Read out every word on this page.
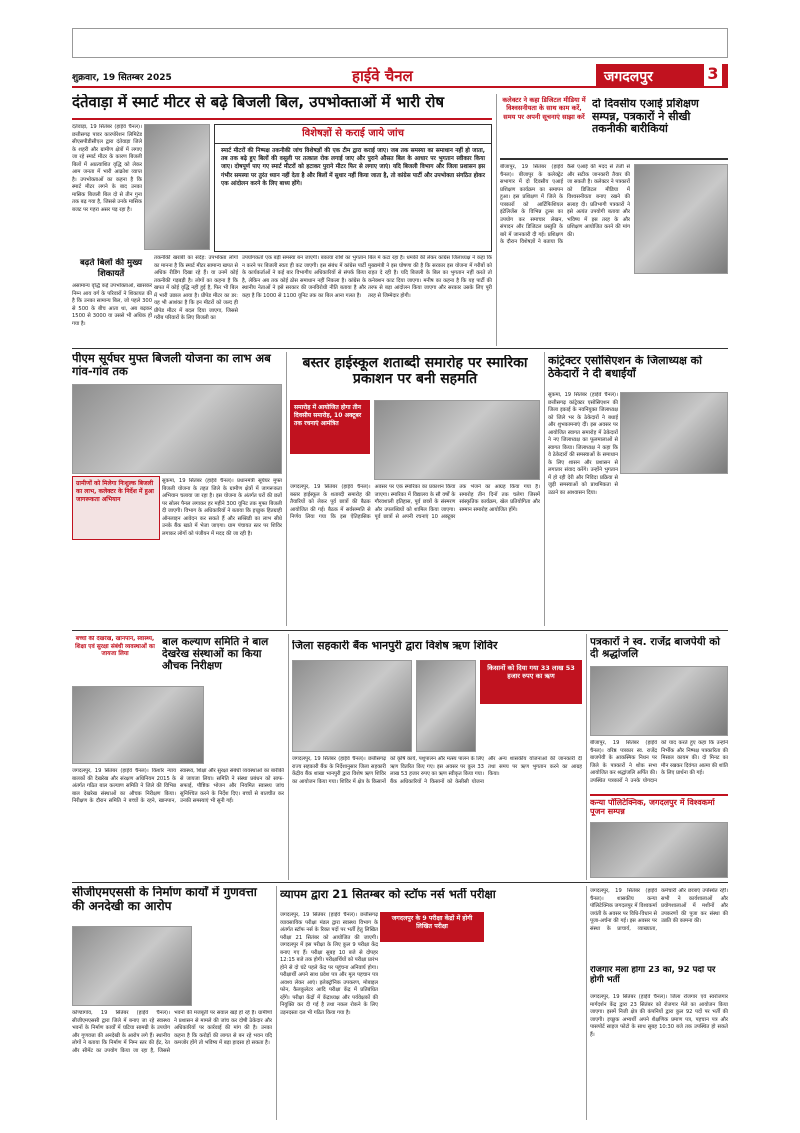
शुक्रवार, 19 सितम्बर 2025	हाईवे चैनल	जगदलपुर	3
दंतेवाड़ा में स्मार्ट मीटर से बढ़े बिजली बिल, उपभोक्ताओं में भारी रोष
दंतेवाड़ा, 19 सितंबर (हाईवे चैनल)। छत्तीसगढ़ पावर कारपोरेशन लिमिटेड सीएसपीडीसीएल द्वारा दंतेवाड़ा जिले के शहरी और ग्रामीण क्षेत्रों में लगाए जा रहे स्मार्ट मीटर के कारण बिजली बिलों में अप्रत्याशित वृद्धि को लेकर आम जनता में भारी आक्रोश व्याप्त है। उपभोक्ताओं का कहना है कि स्मार्ट मीटर लगने के बाद उनका मासिक बिजली बिल दो से तीन गुना तक बढ़ गया है, जिससे उनके मासिक बजट पर गहरा असर पड़ रहा है।
बढ़ते बिलों की मुख्य शिकायतें
असामान्य वृद्धि कई उपभोक्ताओं, खासकर निम्न आय वर्ग के परिवारों ने शिकायत की है कि उनका सामान्य बिल, जो पहले 300 से 500 के बीच आता था, अब बढ़कर 1500 से 3000 या उससे भी अधिक हो गया है।
विशेषज्ञों से कराई जाये जांच
स्मार्ट मीटरों की निष्पक्ष तकनीकी जांच विशेषज्ञों की एक टीम द्वारा कराई जाए। जब तक समस्या का समाधान नहीं हो जाता, तब तक बढ़े हुए बिलों की वसूली पर तत्काल रोक लगाई जाए और पुराने औसत बिल के आधार पर भुगतान स्वीकार किया जाए। दोषपूर्ण पाए गए स्मार्ट मीटरों को हटाकर पुराने मीटर फिर से लगाए जाएं। यदि बिजली विभाग और जिला प्रशासन इस गंभीर समस्या पर तुरंत ध्यान नहीं देता है और बिलों में सुधार नहीं किया जाता है, तो कांग्रेस पार्टी और उपभोक्ता संगठित होकर एक आंदोलन करने के लिए बाध्य होंगे।
तकनीकी खराबी का संदेह: उपभोक्ता लोगों का मानना है कि स्मार्ट मीटर सामान्य खपत से अधिक रीडिंग दिखा रहे हैं। या उनमें कोई तकनीकी गड़बड़ी है। लोगों का कहना है कि खपत में कोई वृद्धि नहीं हुई है, फिर भी बिल में भारी उछाल आया है। प्रीपेड मीटर का डर: यह भी आशंका है कि इन मीटरों को जल्द ही प्रीपेड मीटर में बदल दिया जाएगा, जिससे गरीब परिवारों के लिए बिजली का
उपयोगकर्ता एक बड़ी समस्या बन जाएगी। बकाया राशि का भुगतान न करने पर बिजली स्वतः ही कट जाएगी। इस संबंध में कांग्रेस पार्टी के कार्यकर्ताओं ने कई बार विभागीय अधिकारियों से संपर्क किया है, लेकिन अब तक कोई ठोस समाधान नहीं निकला है। कांग्रेस के स्थानीय नेताओं ने इसे सरकार की जनविरोधी नीति बताया है और कहा है कि 1000 से 1100 यूनिट तक का बिल आना गलत है।
बिल में कटा रहा है। धमकी की लेकर कांग्रेस जिलाध्यक्ष ने कहा कि मुख्यमंत्री ने इस घोषणा की है कि सरकार इस योजना में गरीबों को राहत दे रही है। यदि बिजली के बिल का भुगतान नहीं करते तो कनेक्शन काट दिया जाएगा। मनीष का कहना है कि यह पार्टी की तरफ से बड़ा आंदोलन किया जाएगा और सरकार उसके लिए पूरी तरह से जिम्मेदार होगी।
कलेक्टर ने कहा डिजिटल मीडिया में विश्वसनीयता के साथ काम करें, समय पर अपनी सूचनाएं साझा करें
दो दिवसीय एआई प्रशिक्षण सम्पन्न, पत्रकारों ने सीखी तकनीकी बारीकियां
बीजापुर, 19 सितंबर (हाईवे चैनल)। बीजापुर के कलेक्ट्रेट सभागार में दो दिवसीय एआई प्रशिक्षण कार्यक्रम का समापन हुआ। इस प्रशिक्षण में जिले के पत्रकारों को आर्टिफिशियल इंटेलिजेंस के विभिन्न टूल्स का उपयोग कर समाचार लेखन, संपादन और डिजिटल प्रस्तुति के बारे में जानकारी दी गई। प्रशिक्षण के दौरान विशेषज्ञों ने बताया कि कैसे एआई की मदद से तेजी से और सटीक जानकारी तैयार की जा सकती है। कलेक्टर ने पत्रकारों को डिजिटल मीडिया में विश्वसनीयता बनाए रखने की सलाह दी। प्रतिभागी पत्रकारों ने इसे अत्यंत उपयोगी बताया और भविष्य में इस तरह के और प्रशिक्षण आयोजित करने की मांग की।
पीएम सूर्यघर मुफ्त बिजली योजना का लाभ अब गांव-गांव तक
ग्रामीणों को मिलेगा निःशुल्क बिजली का लाभ, कलेक्टर के निर्देश में हुआ जागरूकता अभियान
सुकमा, 19 सितंबर (हाईवे चैनल)। प्रधानमंत्री सूर्यघर मुफ्त बिजली योजना के तहत जिले के ग्रामीण क्षेत्रों में जागरूकता अभियान चलाया जा रहा है। इस योजना के अंतर्गत घरों की छतों पर सोलर पैनल लगाकर हर महीने 300 यूनिट तक मुफ्त बिजली दी जाएगी। विभाग के अधिकारियों ने बताया कि इच्छुक हितग्राही ऑनलाइन आवेदन कर सकते हैं और सब्सिडी का लाभ सीधे उनके बैंक खाते में भेजा जाएगा। ग्राम पंचायत स्तर पर शिविर लगाकर लोगों को पंजीयन में मदद की जा रही है।
बस्तर हाईस्कूल शताब्दी समारोह पर स्मारिका प्रकाशन पर बनी सहमति
समारोह में आयोजित होगा तीन दिवसीय समारोह, 10 अक्टूबर तक रचनाएं आमंत्रित
जगदलपुर, 19 सितंबर (हाईवे चैनल)। बस्तर हाईस्कूल के शताब्दी समारोह की तैयारियों को लेकर पूर्व छात्रों की बैठक आयोजित की गई। बैठक में सर्वसम्मति से निर्णय लिया गया कि इस ऐतिहासिक अवसर पर एक स्मारिका का प्रकाशन किया जाएगा। स्मारिका में विद्यालय के सौ वर्षों के गौरवशाली इतिहास, पूर्व छात्रों के संस्मरण और उपलब्धियों को शामिल किया जाएगा। पूर्व छात्रों से अपनी रचनाएं 10 अक्टूबर तक भेजने का आग्रह किया गया है। समारोह तीन दिनों तक चलेगा जिसमें सांस्कृतिक कार्यक्रम, खेल प्रतियोगिता और सम्मान समारोह आयोजित होंगे।
कांट्रेक्टर एसोसिएशन के जिलाध्यक्ष को ठेकेदारों ने दी बधाईयाँ
सुकमा, 19 सितंबर (हाईवे चैनल)। छत्तीसगढ़ कांट्रेक्टर एसोसिएशन की जिला इकाई के नवनियुक्त जिलाध्यक्ष को जिले भर के ठेकेदारों ने बधाई और शुभकामनाएं दीं। इस अवसर पर आयोजित स्वागत समारोह में ठेकेदारों ने नए जिलाध्यक्ष का फूलमालाओं से स्वागत किया। जिलाध्यक्ष ने कहा कि वे ठेकेदारों की समस्याओं के समाधान के लिए शासन और प्रशासन से लगातार संवाद करेंगे। उन्होंने भुगतान में हो रही देरी और निविदा प्रक्रिया से जुड़ी समस्याओं को प्राथमिकता से उठाने का आश्वासन दिया।
बच्चों की देखरेख, खानपान, स्वास्थ्य, शिक्षा एवं सुरक्षा संबंधी व्यवस्थाओं का जायजा लिया
बाल कल्याण समिति ने बाल देखरेख संस्थाओं का किया औचक निरीक्षण
जगदलपुर, 19 सितंबर (हाईवे चैनल)। किशोर न्याय बालकों की देखरेख और संरक्षण अधिनियम 2015 के अंतर्गत गठित बाल कल्याण समिति ने जिले की विभिन्न बाल देखरेख संस्थाओं का औचक निरीक्षण किया। निरीक्षण के दौरान समिति ने बच्चों के रहने, खानपान, स्वास्थ्य, शिक्षा और सुरक्षा संबंधी व्यवस्थाओं का बारीकी से जायजा लिया। समिति ने संस्था प्रबंधन को साफ-सफाई, पौष्टिक भोजन और नियमित स्वास्थ्य जांच सुनिश्चित करने के निर्देश दिए। बच्चों से बातचीत कर उनकी समस्याएं भी सुनी गईं।
जिला सहकारी बैंक भानपुरी द्वारा विशेष ऋण शिविर
किसानों को दिया गया 33 लाख 53 हजार रुपए का ऋण
जगदलपुर, 19 सितंबर (हाईवे चैनल)। छत्तीसगढ़ राज्य सहकारी बैंक के निर्देशानुसार जिला सहकारी केंद्रीय बैंक शाखा भानपुरी द्वारा विशेष ऋण शिविर का आयोजन किया गया। शिविर में क्षेत्र के किसानों को कृषि कार्य, पशुपालन और मत्स्य पालन के लिए ऋण वितरित किए गए। इस अवसर पर कुल 33 लाख 53 हजार रुपए का ऋण स्वीकृत किया गया। बैंक अधिकारियों ने किसानों को केसीसी योजना और अन्य शासकीय योजनाओं की जानकारी दी तथा समय पर ऋण भुगतान करने का आग्रह किया।
पत्रकारों ने स्व. राजेंद्र बाजपेयी को दी श्रद्धांजलि
बीजापुर, 19 सितंबर (हाईवे चैनल)। वरिष्ठ पत्रकार स्व. राजेंद्र बाजपेयी के आकस्मिक निधन पर जिले के पत्रकारों ने शोक सभा आयोजित कर श्रद्धांजलि अर्पित की। उपस्थित पत्रकारों ने उनके योगदान को याद करते हुए कहा कि उन्होंने निर्भीक और निष्पक्ष पत्रकारिता की मिसाल कायम की। दो मिनट का मौन रखकर दिवंगत आत्मा की शांति के लिए प्रार्थना की गई।
कन्या पॉलिटेक्निक, जगदलपुर में विश्वकर्मा पूजन सम्पन्न
सीजीएमएससी के निर्माण कार्यों में गुणवत्ता की अनदेखी का आरोप
कोण्डागांव, 19 सितंबर (हाईवे चैनल)। सीजीएमएससी द्वारा जिले में बनाए जा रहे स्वास्थ्य भवनों के निर्माण कार्यों में घटिया सामग्री के उपयोग और गुणवत्ता की अनदेखी के आरोप लगे हैं। स्थानीय लोगों ने बताया कि निर्माण में निम्न स्तर की ईंट, रेत और सीमेंट का उपयोग किया जा रहा है, जिससे भवनों की मजबूती पर सवाल खड़े हो रहे हैं। ग्रामीणों ने प्रशासन से मामले की जांच कर दोषी ठेकेदार और अधिकारियों पर कार्रवाई की मांग की है। उनका कहना है कि करोड़ों की लागत से बन रहे भवन यदि कमजोर होंगे तो भविष्य में बड़ा हादसा हो सकता है।
व्यापम द्वारा 21 सितम्बर को स्टॉफ नर्स भर्ती परीक्षा
जगदलपुर के 9 परीक्षा केंद्रों में होगी लिखित परीक्षा
जगदलपुर, 19 सितंबर (हाईवे चैनल)। छत्तीसगढ़ व्यावसायिक परीक्षा मंडल द्वारा स्वास्थ्य विभाग के अंतर्गत स्टॉफ नर्स के रिक्त पदों पर भर्ती हेतु लिखित परीक्षा 21 सितंबर को आयोजित की जाएगी। जगदलपुर में इस परीक्षा के लिए कुल 9 परीक्षा केंद्र बनाए गए हैं। परीक्षा सुबह 10 बजे से दोपहर 12:15 बजे तक होगी। परीक्षार्थियों को परीक्षा प्रारंभ होने से दो घंटे पहले केंद्र पर पहुंचना अनिवार्य होगा। परीक्षार्थी अपने साथ प्रवेश पत्र और मूल पहचान पत्र अवश्य लेकर आएं। इलेक्ट्रॉनिक उपकरण, मोबाइल फोन, कैलकुलेटर आदि परीक्षा केंद्र में प्रतिबंधित रहेंगे। परीक्षा केंद्रों में केंद्राध्यक्ष और पर्यवेक्षकों की नियुक्ति कर दी गई है तथा नकल रोकने के लिए उड़नदस्ता दल भी गठित किया गया है।
जगदलपुर, 19 सितंबर (हाईवे चैनल)। शासकीय कन्या पॉलिटेक्निक जगदलपुर में विश्वकर्मा जयंती के अवसर पर विधि-विधान से पूजा-अर्चना की गई। इस अवसर पर संस्था के प्राचार्य, व्याख्याता, कर्मचारी और छात्राएं उपस्थित रहीं। सभी ने कार्यशालाओं और प्रयोगशालाओं में मशीनों और उपकरणों की पूजा कर संस्था की उन्नति की कामना की।
रोजगार मेला होगा 23 को, 92 पदों पर होगी भर्ती
जगदलपुर, 19 सितंबर (हाईवे चैनल)। जिला रोजगार एवं स्वरोजगार मार्गदर्शन केंद्र द्वारा 23 सितंबर को रोजगार मेले का आयोजन किया जाएगा। इसमें निजी क्षेत्र की कंपनियों द्वारा कुल 92 पदों पर भर्ती की जाएगी। इच्छुक अभ्यर्थी अपने शैक्षणिक प्रमाण पत्र, पहचान पत्र और पासपोर्ट साइज फोटो के साथ सुबह 10:30 बजे तक उपस्थित हो सकते हैं।
